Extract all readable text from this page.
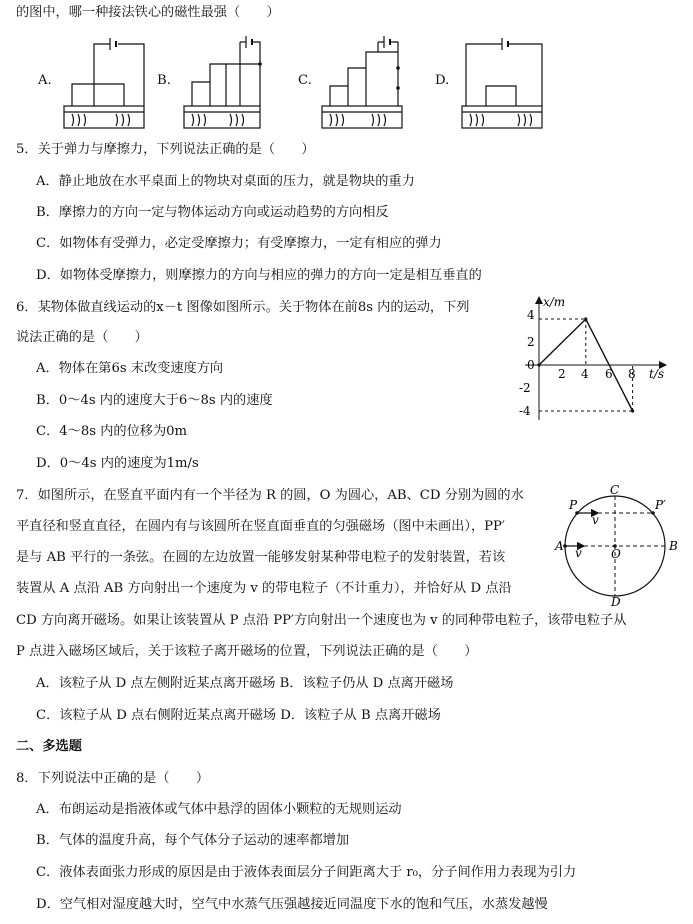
的图中，哪一种接法铁心的磁性最强（　　）
A.	B.	C.	D.
5．关于弹力与摩擦力，下列说法正确的是（　　）
A．静止地放在水平桌面上的物块对桌面的压力，就是物块的重力
B．摩擦力的方向一定与物体运动方向或运动趋势的方向相反
C．如物体有受弹力，必定受摩擦力；有受摩擦力，一定有相应的弹力
D．如物体受摩擦力，则摩擦力的方向与相应的弹力的方向一定是相互垂直的
6．某物体做直线运动的x－t 图像如图所示。关于物体在前8s 内的运动，下列
说法正确的是（　　）
A．物体在第6s 末改变速度方向
B．0～4s 内的速度大于6～8s 内的速度
C．4～8s 内的位移为0m
D．0～4s 内的速度为1m/s
x/m
t/s
4
2
0
-2
-4
2 4 6 8
7．如图所示，在竖直平面内有一个半径为 R 的圆，O 为圆心，AB、CD 分别为圆的水
平直径和竖直直径，在圆内有与该圆所在竖直面垂直的匀强磁场（图中未画出），PP′
是与 AB 平行的一条弦。在圆的左边放置一能够发射某种带电粒子的发射装置，若该
装置从 A 点沿 AB 方向射出一个速度为 v 的带电粒子（不计重力），并恰好从 D 点沿
CD 方向离开磁场。如果让该装置从 P 点沿 PP′方向射出一个速度也为 v 的同种带电粒子，该带电粒子从
P 点进入磁场区域后，关于该粒子离开磁场的位置，下列说法正确的是（　　）
A．该粒子从 D 点左侧附近某点离开磁场 B．该粒子仍从 D 点离开磁场
C．该粒子从 D 点右侧附近某点离开磁场 D．该粒子从 B 点离开磁场
C
P	P′
v
A v O
B
D
二、多选题
8．下列说法中正确的是（　　）
A．布朗运动是指液体或气体中悬浮的固体小颗粒的无规则运动
B．气体的温度升高，每个气体分子运动的速率都增加
C．液体表面张力形成的原因是由于液体表面层分子间距离大于 r₀，分子间作用力表现为引力
D．空气相对湿度越大时，空气中水蒸气压强越接近同温度下水的饱和气压，水蒸发越慢
